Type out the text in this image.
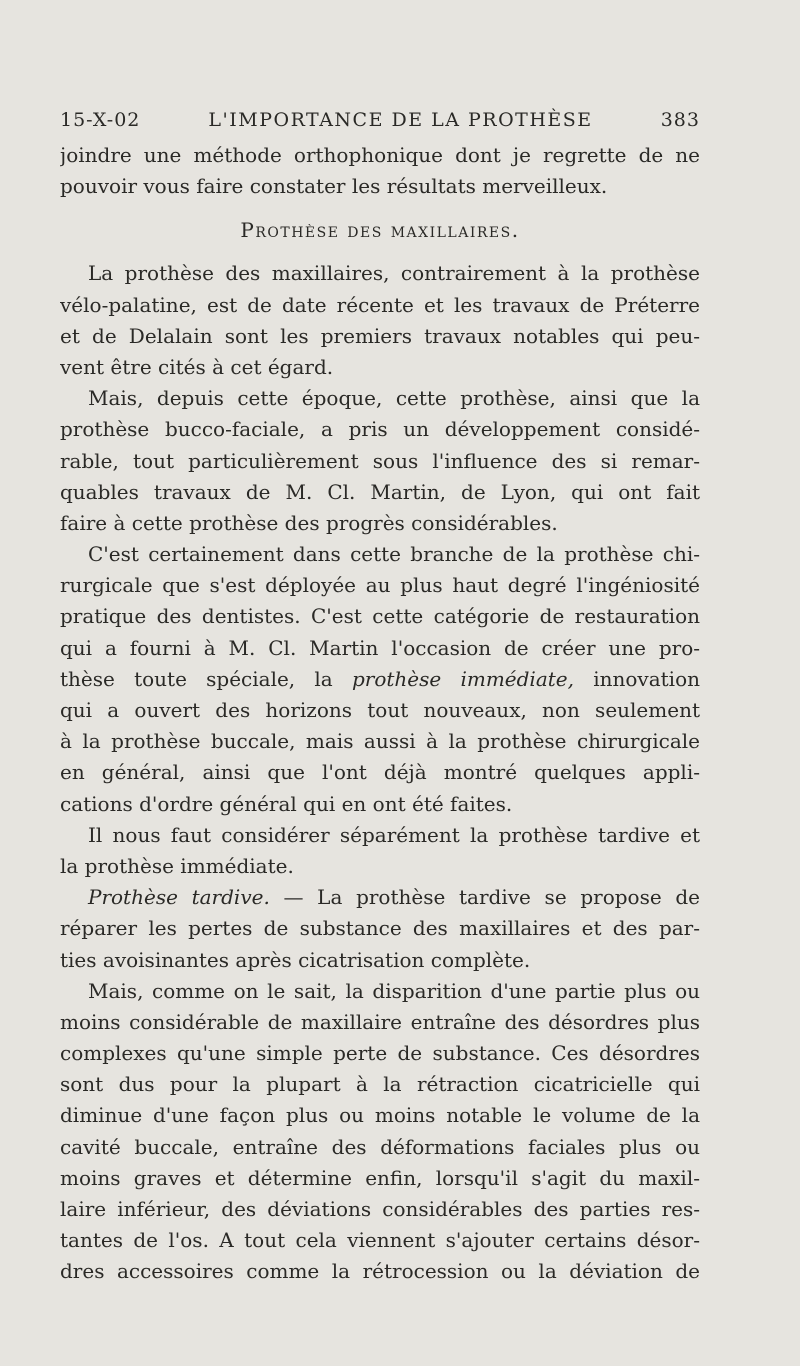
15-X-02	L'IMPORTANCE DE LA PROTHÈSE	383
joindre une méthode orthophonique dont je regrette de ne
pouvoir vous faire constater les résultats merveilleux.
Prothèse des maxillaires.
La prothèse des maxillaires, contrairement à la prothèse
vélo-palatine, est de date récente et les travaux de Préterre
et de Delalain sont les premiers travaux notables qui peu-
vent être cités à cet égard.
Mais, depuis cette époque, cette prothèse, ainsi que la
prothèse bucco-faciale, a pris un développement considé-
rable, tout particulièrement sous l'influence des si remar-
quables travaux de M. Cl. Martin, de Lyon, qui ont fait
faire à cette prothèse des progrès considérables.
C'est certainement dans cette branche de la prothèse chi-
rurgicale que s'est déployée au plus haut degré l'ingéniosité
pratique des dentistes. C'est cette catégorie de restauration
qui a fourni à M. Cl. Martin l'occasion de créer une pro-
thèse toute spéciale, la prothèse immédiate, innovation
qui a ouvert des horizons tout nouveaux, non seulement
à la prothèse buccale, mais aussi à la prothèse chirurgicale
en général, ainsi que l'ont déjà montré quelques appli-
cations d'ordre général qui en ont été faites.
Il nous faut considérer séparément la prothèse tardive et
la prothèse immédiate.
Prothèse tardive. — La prothèse tardive se propose de
réparer les pertes de substance des maxillaires et des par-
ties avoisinantes après cicatrisation complète.
Mais, comme on le sait, la disparition d'une partie plus ou
moins considérable de maxillaire entraîne des désordres plus
complexes qu'une simple perte de substance. Ces désordres
sont dus pour la plupart à la rétraction cicatricielle qui
diminue d'une façon plus ou moins notable le volume de la
cavité buccale, entraîne des déformations faciales plus ou
moins graves et détermine enfin, lorsqu'il s'agit du maxil-
laire inférieur, des déviations considérables des parties res-
tantes de l'os. A tout cela viennent s'ajouter certains désor-
dres accessoires comme la rétrocession ou la déviation de
